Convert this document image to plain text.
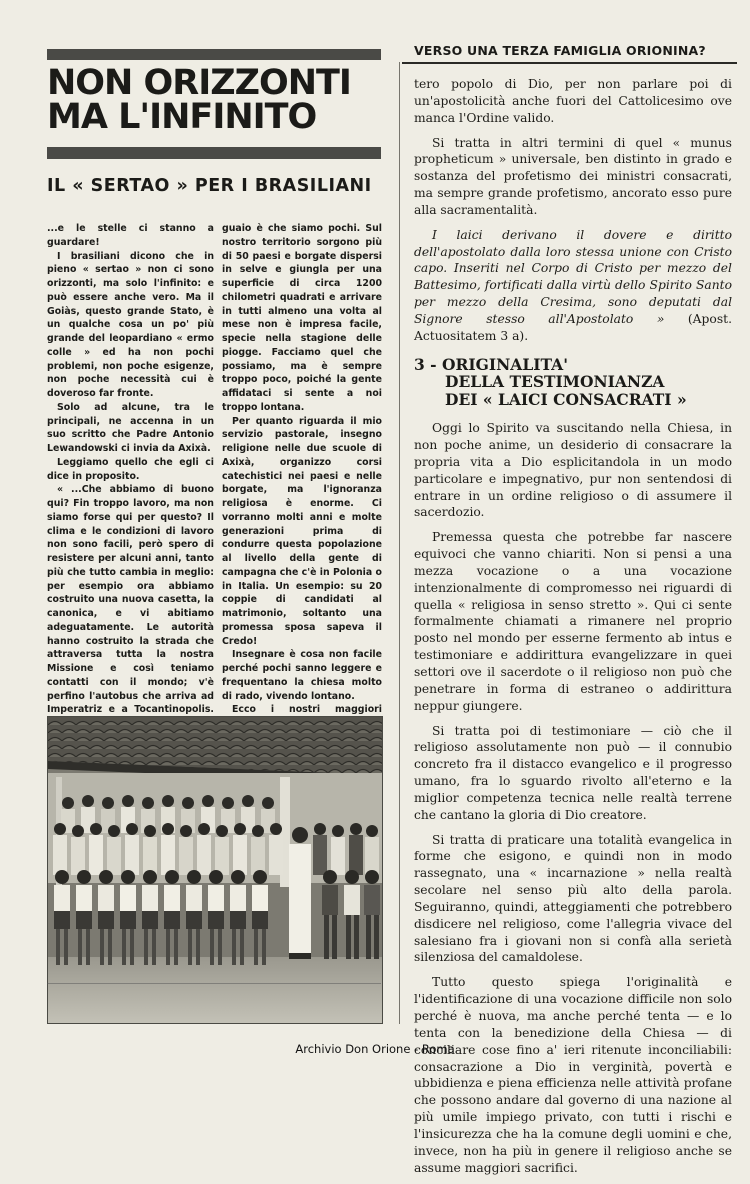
NON ORIZZONTI
MA L'INFINITO
IL « SERTAO » PER I BRASILIANI

...e le stelle ci stanno a guardare!

I brasiliani dicono che in pieno « sertao » non ci sono orizzonti, ma solo l'infinito: e può essere anche vero. Ma il Goiàs, questo grande Stato, è un qualche cosa un po' più grande del leopardiano « ermo colle » ed ha non pochi problemi, non poche esigenze, non poche necessità cui è doveroso far fronte.

Solo ad alcune, tra le principali, ne accenna in un suo scritto che Padre Antonio Lewandowski ci invia da Axixà.

Leggiamo quello che egli ci dice in proposito.

« ...Che abbiamo di buono qui? Fin troppo lavoro, ma non siamo forse qui per questo? Il clima e le condizioni di lavoro non sono facili, però spero di resistere per alcuni anni, tanto più che tutto cambia in meglio: per esempio ora abbiamo costruito una nuova casetta, la canonica, e vi abitiamo adeguatamente. Le autorità hanno costruito la strada che attraversa tutta la nostra Missione e così teniamo contatti con il mondo; v'è perfino l'autobus che arriva ad Imperatriz e a Tocantinopolis.

guaio è che siamo pochi. Sul nostro territorio sorgono più di 50 paesi e borgate dispersi in selve e giungla per una superficie di circa 1200 chilometri quadrati e arrivare in tutti almeno una volta al mese non è impresa facile, specie nella stagione delle piogge. Facciamo quel che possiamo, ma è sempre troppo poco, poiché la gente affidataci si sente a noi troppo lontana.

Per quanto riguarda il mio servizio pastorale, insegno religione nelle due scuole di Axixà, organizzo corsi catechistici nei paesi e nelle borgate, ma l'ignoranza religiosa è enorme. Ci vorranno molti anni e molte generazioni prima di condurre questa popolazione al livello della gente di campagna che c'è in Polonia o in Italia. Un esempio: su 20 coppie di candidati al matrimonio, soltanto una promessa sposa sapeva il Credo!

Insegnare è cosa non facile perché pochi sanno leggere e frequentano la chiesa molto di rado, vivendo lontano.

Ecco i nostri maggiori

VERSO UNA TERZA FAMIGLIA ORIONINA?

tero popolo di Dio, per non parlare poi di un'apostolicità anche fuori del Cattolicesimo ove manca l'Ordine valido.

Si tratta in altri termini di quel « munus propheticum » universale, ben distinto in grado e sostanza del profetismo dei ministri consacrati, ma sempre grande profetismo, ancorato esso pure alla sacramentalità.

I laici derivano il dovere e diritto dell'apostolato dalla loro stessa unione con Cristo capo. Inseriti nel Corpo di Cristo per mezzo del Battesimo, fortificati dalla virtù dello Spirito Santo per mezzo della Cresima, sono deputati dal Signore stesso all'Apostolato » (Apost. Actuositatem 3 a).

3 - ORIGINALITA'
DELLA TESTIMONIANZA
DEI « LAICI CONSACRATI »

Oggi lo Spirito va suscitando nella Chiesa, in non poche anime, un desiderio di consacrare la propria vita a Dio esplicitandola in un modo particolare e impegnativo, pur non sentendosi di entrare in un ordine religioso o di assumere il sacerdozio.

Premessa questa che potrebbe far nascere equivoci che vanno chiariti. Non si pensi a una mezza vocazione o a una vocazione intenzionalmente di compromesso nei riguardi di quella « religiosa in senso stretto ». Qui ci sente formalmente chiamati a rimanere nel proprio posto nel mondo per esserne fermento ab intus e testimoniare e addirittura evangelizzare in quei settori ove il sacerdote o il religioso non può che penetrare in forma di estraneo o addirittura neppur giungere.

Si tratta poi di testimoniare — ciò che il religioso assolutamente non può — il connubio concreto fra il distacco evangelico e il progresso umano, fra lo sguardo rivolto all'eterno e la miglior competenza tecnica nelle realtà terrene che cantano la gloria di Dio creatore.

Si tratta di praticare una totalità evangelica in forme che esigono, e quindi non in modo rassegnato, una « incarnazione » nella realtà secolare nel senso più alto della parola. Seguiranno, quindi, atteggiamenti che potrebbero disdicere nel religioso, come l'allegria vivace del salesiano fra i giovani non si confà alla serietà silenziosa del camaldolese.

Tutto questo spiega l'originalità e l'identificazione di una vocazione difficile non solo perché è nuova, ma anche perché tenta — e lo tenta con la benedizione della Chiesa — di conciliare cose fino a' ieri ritenute inconciliabili: consacrazione a Dio in verginità, povertà e ubbidienza e piena efficienza nelle attività profane che possono andare dal governo di una nazione al più umile impiego privato, con tutti i rischi e l'insicurezza che ha la comune degli uomini e che, invece, non ha più in genere il religioso anche se assume maggiori sacrifici.

Archivio Don Orione - Roma
